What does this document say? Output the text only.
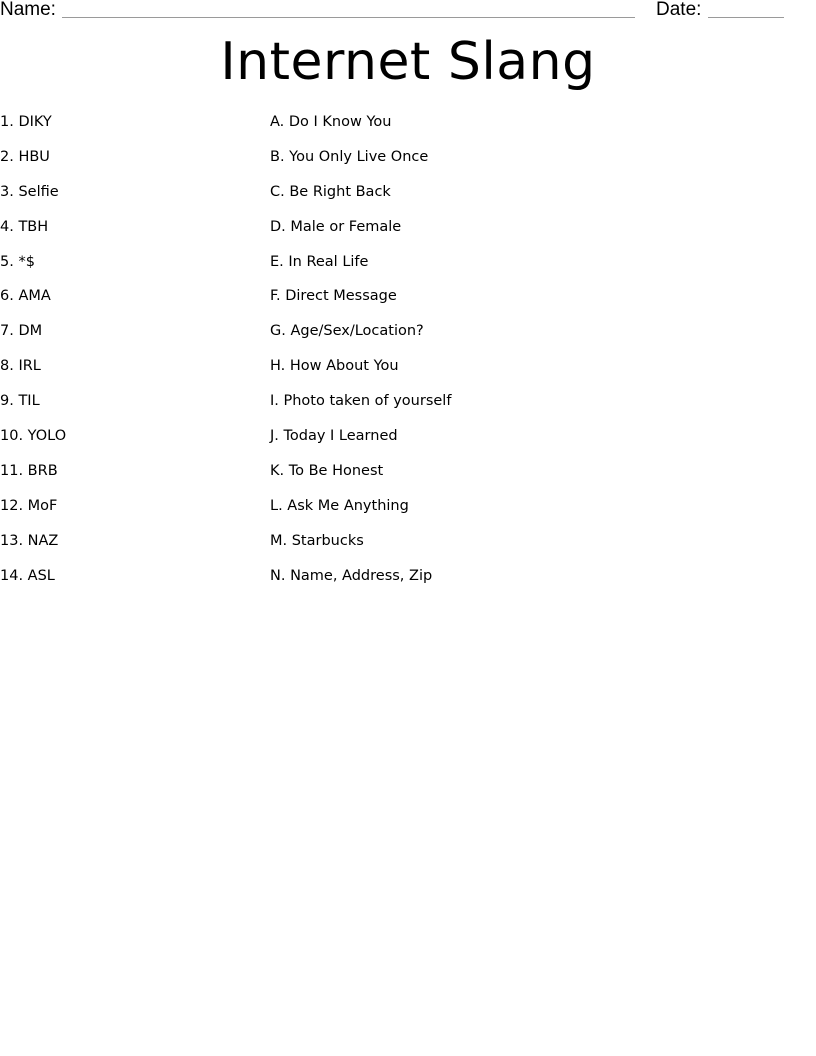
Name:	Date:
Internet Slang
1. DIKY	A. Do I Know You
2. HBU	B. You Only Live Once
3. Selfie	C. Be Right Back
4. TBH	D. Male or Female
5. *$	E. In Real Life
6. AMA	F. Direct Message
7. DM	G. Age/Sex/Location?
8. IRL	H. How About You
9. TIL	I. Photo taken of yourself
10. YOLO	J. Today I Learned
11. BRB	K. To Be Honest
12. MoF	L. Ask Me Anything
13. NAZ	M. Starbucks
14. ASL	N. Name, Address, Zip
